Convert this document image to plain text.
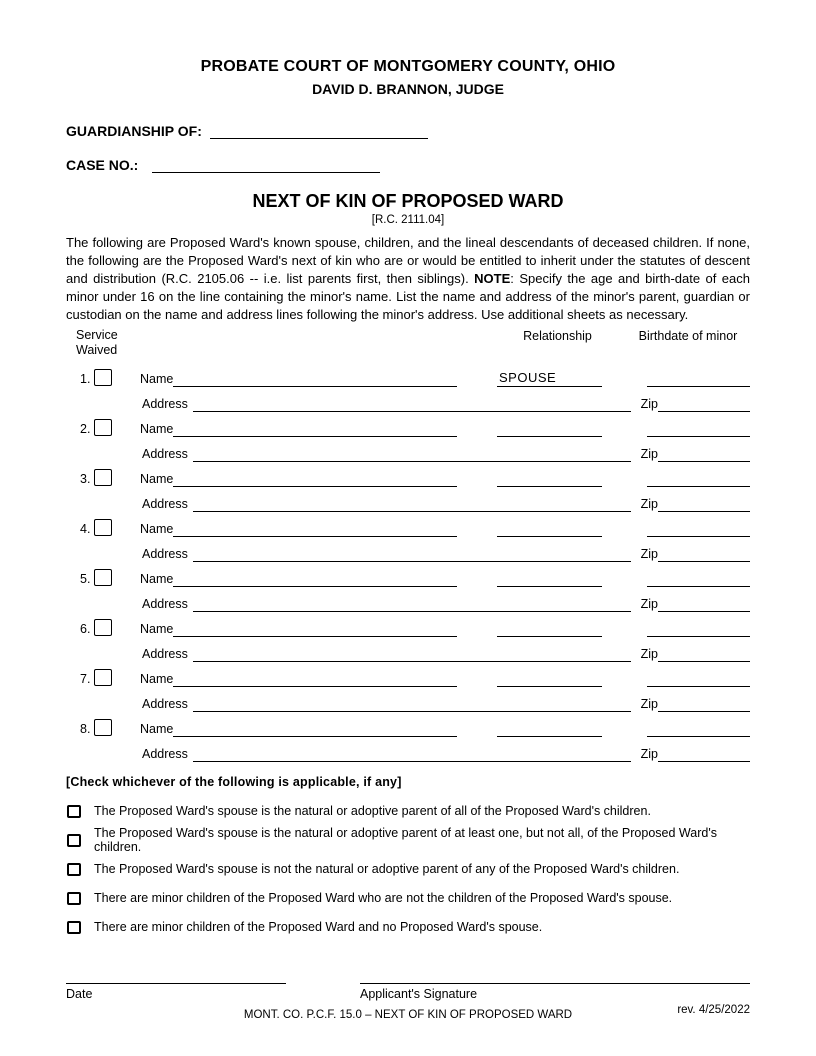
PROBATE COURT OF MONTGOMERY COUNTY, OHIO
DAVID D. BRANNON, JUDGE
GUARDIANSHIP OF:
CASE NO.:
NEXT OF KIN OF PROPOSED WARD
[R.C. 2111.04]
The following are Proposed Ward's known spouse, children, and the lineal descendants of deceased children. If none, the following are the Proposed Ward's next of kin who are or would be entitled to inherit under the statutes of descent and distribution (R.C. 2105.06 -- i.e. list parents first, then siblings). NOTE: Specify the age and birth-date of each minor under 16 on the line containing the minor's name. List the name and address of the minor's parent, guardian or custodian on the name and address lines following the minor's address. Use additional sheets as necessary.
Service
Waived
Relationship	Birthdate of minor
1.	Name	SPOUSE
Address	Zip
2.	Name
Address	Zip
3.	Name
Address	Zip
4.	Name
Address	Zip
5.	Name
Address	Zip
6.	Name
Address	Zip
7.	Name
Address	Zip
8.	Name
Address	Zip
[Check whichever of the following is applicable, if any]
The Proposed Ward's spouse is the natural or adoptive parent of all of the Proposed Ward's children.
The Proposed Ward's spouse is the natural or adoptive parent of at least one, but not all, of the Proposed Ward's children.
The Proposed Ward's spouse is not the natural or adoptive parent of any of the Proposed Ward's children.
There are minor children of the Proposed Ward who are not the children of the Proposed Ward's spouse.
There are minor children of the Proposed Ward and no Proposed Ward's spouse.
Date	Applicant's Signature
rev. 4/25/2022
MONT. CO. P.C.F. 15.0 – NEXT OF KIN OF PROPOSED WARD
